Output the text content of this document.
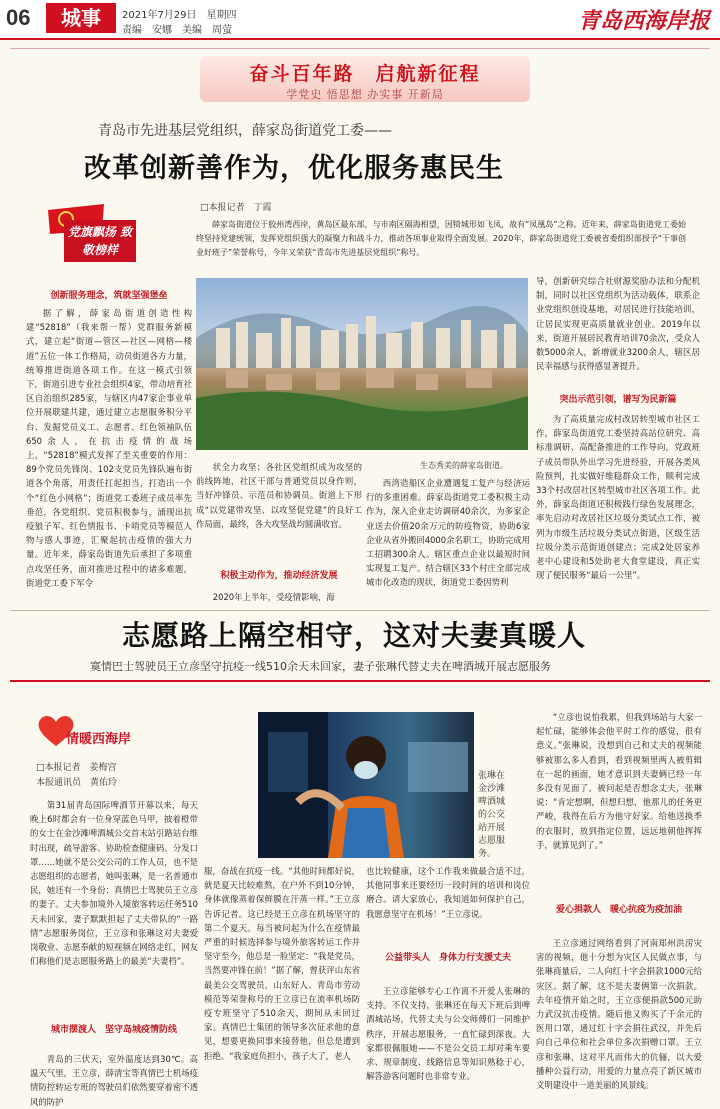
06	城事	2021年7月29日　星期四
责编　安娜　美编　周萤	青岛西海岸报
奋斗百年路　启航新征程
学党史 悟思想 办实事 开新局
青岛市先进基层党组织，薛家岛街道党工委——
改革创新善作为，优化服务惠民生
□本报记者　丁霞
党旗飘扬 致敬榜样

薛家岛街道位于胶州湾西岸，黄岛区最东部，与市南区隔海相望，因犄城形如飞凤，故有“凤凰岛”之称。近年来，薛家岛街道党工委始终坚持党建统领，发挥党组织强大的凝聚力和战斗力，推动各项事业取得全面发展。2020年，薛家岛街道党工委被省委组织部授予“干事创业好班子”荣誉称号，今年又荣获“青岛市先进基层党组织”称号。

创新服务理念，筑就坚强堡垒

据了解，薛家岛街道创造性构建“52818”（我来帮一帮）党群服务新模式，建立起“街道—管区—社区—网格—楼道”五位一体工作格局，动员街道各方力量，统筹推进街道各项工作。在这一模式引领下，街道引进专业社会组织4家，带动培育社区自治组织285家，与辖区内47家企事业单位开展联建共建，通过建立志愿服务积分平台、发掘党员义工、志愿者、红色领袖队伍650余人，在抗击疫情的战场上，“52818”模式发挥了至关重要的作用：89个党员先锋岗、102支党员先锋队遍布街道各个角落，用责任扛起担当，打造出一个个“红色小网格”；街道党工委班子成员率先垂范，各党组织、党员积极参与，涌现出抗疫狼子军、红色情报书、卡哨党员等模范人物与感人事迹，汇聚起抗击疫情的强大力量。近年来，薛家岛街道先后承担了多项重点攻坚任务，面对推进过程中的诸多难题，街道党工委下军令

生态秀美的薛家岛街道。

状全力攻坚；各社区党组织成为攻坚的前线阵地，社区干部与普通党员以身作则，当好冲锋员、示范员和协调员。街道上下形成“以党建带攻坚、以攻坚促党建”的良好工作局面，最终，各大攻坚战均圆满收官。

积极主动作为，推动经济发展

2020年上半年，受疫情影响，海

西湾造船区企业遭遇复工复产与经济运行的多重困难。薛家岛街道党工委积极主动作为，深入企业走访调研40余次，为多家企业送去价值20余万元的防疫物资，协助6家企业从省外搬回4000余名职工，协助完成用工招聘300余人。辖区重点企业以最短时间实现复工复产。结合辖区33个村庄全部完成城市化改造的现状，街道党工委因势利

导，创新研究综合社财源奖励办法和分配机制，同时以社区党组织为活动载体，联系企业党组织创设基地，对居民进行技能培训，让居民实现更高质量就业创业。2019年以来，街道开展居民教育培训70余次，受众人数5000余人，新增就业3200余人，辖区居民幸福感与获得感显著提升。

突出示范引领，谱写为民新篇

为了高质量完成村改居转型城市社区工作，薛家岛街道党工委坚持高站位研究、高标准调研、高配备推进的工作导向，党政班子成员带队外出学习先进经验，开展各类风险预判，扎实做好维稳群众工作，顺利完成33个村改居社区转型城市社区各项工作。此外，薛家岛街道还积极践行绿色发展理念，率先启动对改居社区垃圾分类试点工作，被列为市级生活垃圾分类试点街道，区级生活垃圾分类示范街道创建点；完成2处居家养老中心建设和5处助老大食堂建设，真正实现了便民服务“最后一公里”。

志愿路上隔空相守，这对夫妻真暖人
寞情巴士驾驶员王立彦坚守抗疫一线510余天未回家，妻子张琳代替丈夫在啤酒城开展志愿服务
情暖西海岸
□本报记者　姜梅宫
本报通讯员　黄佑玲
张琳在金沙滩啤酒城的公交站开展志愿服务。

第31届青岛国际啤酒节开幕以来，每天晚上6时都会有一位身穿蓝色马甲，披着橙带的女士在金沙滩啤酒城公交首末站引路站台维时出现，疏导游客、协助检查健康码、分发口罩……她就不是公交公司的工作人员，也不是志愿组织的志愿者，她叫张琳，是一名普通市民，她还有一个身份：真情巴士驾驶员王立彦的妻子。丈夫参加境外入境旅客转运任务510天未回家，妻子默默担起了丈夫带队的“一路情”志愿服务岗位，王立彦和张琳这对夫妻爱岗敬业、志愿奉献的短视频在网络走红，网友们称他们是志愿服务路上的最美“夫妻档”。

城市摆渡人　坚守岛城疫情防线

青岛的三伏天，室外温度达到30℃。高温天气里，王立彦，薛清宝等真情巴士机场疫情防控转运专班的驾驶员们依然要穿着密不透风的防护

服，奋战在抗疫一线。“其他时间都好说，就是夏天比较难熬，在户外不到10分钟，身体就像蒸着保鲜膜在汗蒸一样。”王立彦告诉记者。这已经是王立彦在机场坚守的第二个夏天。每当被问起为什么在疫情最严重的时候选择参与境外旅客转运工作并坚守至今，他总是一脸坚定：“我是党员，当然要冲锋在前！”据了解，曾获评山东省最美公交驾驶员，山东好人、青岛市劳动模范等荣誉称号的王立彦已在流率机场防疫专班坚守了510余天，期间从未回过家。真情巴士集团的领导多次征求他的意见，想要更换同事来接替他，但总是遭到拒绝。“我家庭负担小，孩子大了，老人

也比较健康，这个工作我来做最合适不过，其他同事来还要经历一段时间的培训和岗位磨合。请大家放心，我知道如何保护自己，我愿意坚守在机场！”王立彦说。

公益带头人　身体力行支援丈夫

王立彦能够专心工作离不开爱人张琳的支持。不仅支持，张琳还在每天下班后到啤酒城站场，代替丈夫与公交师傅们一同维护秩序，开展志愿服务，一直忙碌到深夜。大家都很佩服她——不是公交员工却对乘车要求、规章制度、线路信息等知识熟稔于心，解答游客问题时也非常专业。

“立彦也说怕我累，但我到场站与大家一起忙碌，能够体会他平时工作的感觉，很有意义。”张琳说，没想到自己和丈夫的视频能够被那么多人看到，看到视频里两人被剪辑在一起的画面，她才意识到夫妻俩已经一年多没有见面了。被问起是否想念丈夫，张琳说：“肯定想啊，但想归想，他那儿的任务更严峻，我得在后方为他守好家。给他送换季的衣服时，放到指定位置，远远地朝他挥挥手，就算见到了。”

爱心捐款人　暖心抗疫为疫加油

王立彦通过网络看到了河南郑州洪涝灾害的视频，他十分想为灾区人民做点事，与张琳商量后，二人向红十字会捐款1000元给灾区。据了解，这不是夫妻俩第一次捐款。去年疫情开始之时，王立彦便捐款500元助力武汉抗击疫情。随后他又购买了千余元的医用口罩，通过红十字会捐往武汉，并先后向自己单位和社会单位多次捐赠口罩。王立彦和张琳，这对平凡而伟大的伉俪，以大爱播种公益行动，用爱的力量点亮了新区城市文明建设中一道美丽的风景线。
